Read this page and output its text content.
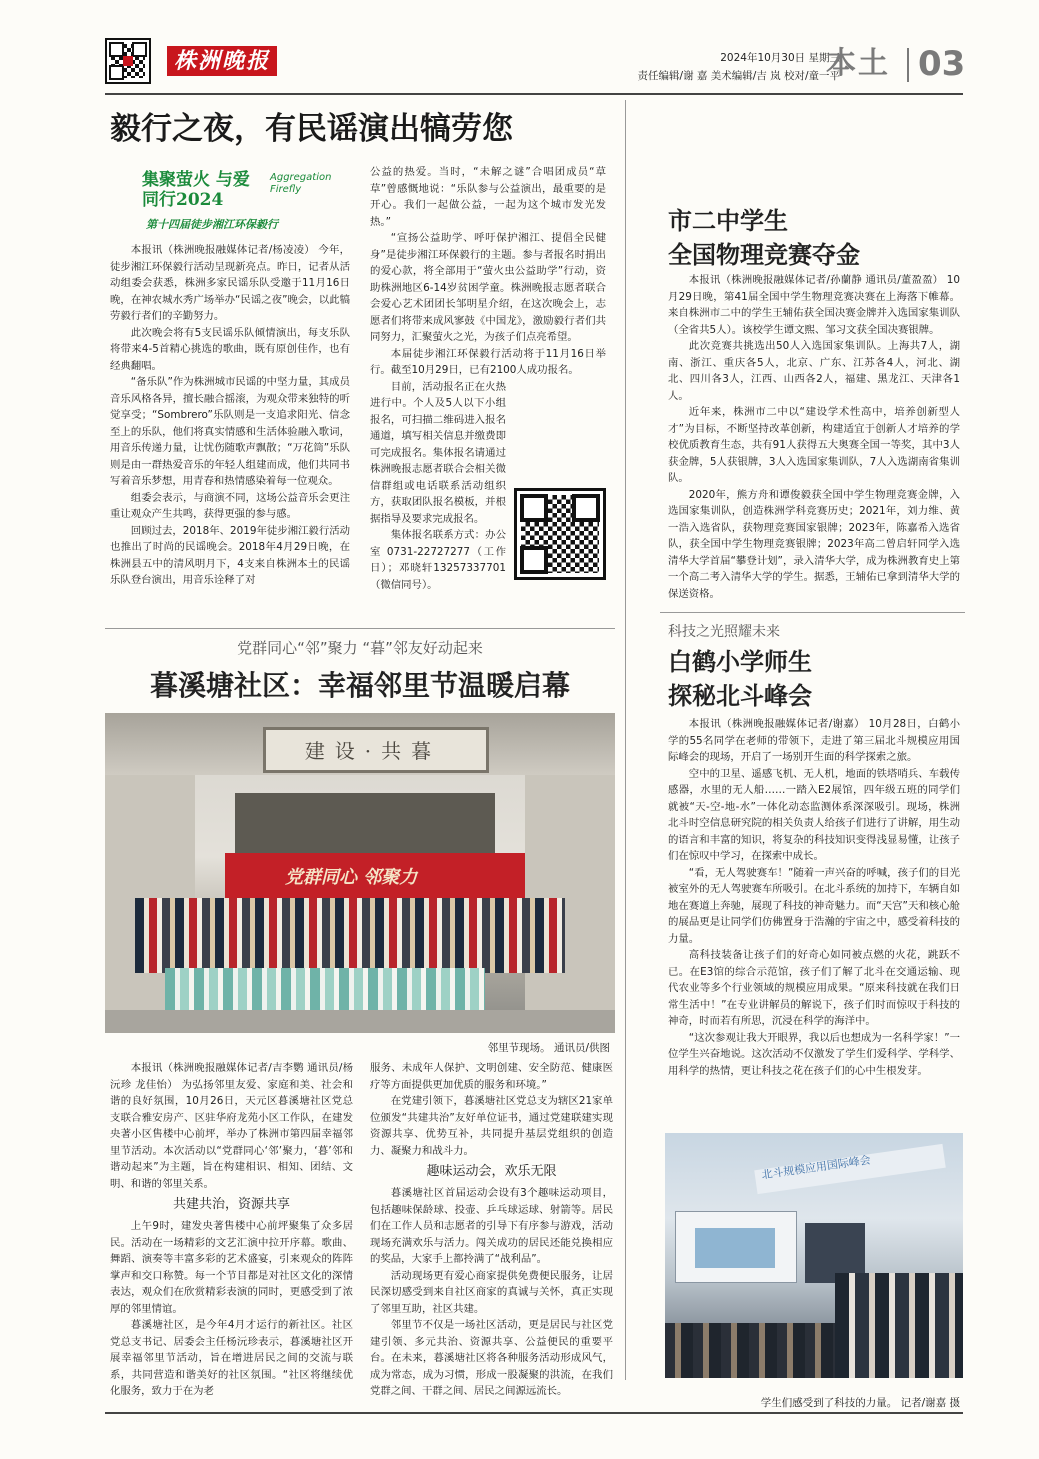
株洲晚报	2024年10月30日 星期三
责任编辑/谢 嘉 美术编辑/吉 岚 校对/童一平
本土 03
毅行之夜，有民谣演出犒劳您
集聚萤火 与爱同行2024
Aggregation
Firefly
第十四届徒步湘江环保毅行

本报讯（株洲晚报融媒体记者/杨凌凌） 今年，徒步湘江环保毅行活动呈现新亮点。昨日，记者从活动组委会获悉，株洲多家民谣乐队受邀于11月16日晚，在神农城水秀广场举办“民谣之夜”晚会，以此犒劳毅行者们的辛勤努力。

此次晚会将有5支民谣乐队倾情演出，每支乐队将带来4-5首精心挑选的歌曲，既有原创佳作，也有经典翻唱。

“备乐队”作为株洲城市民谣的中坚力量，其成员音乐风格各异，擅长融合摇滚，为观众带来独特的听觉享受；“Sombrero”乐队则是一支追求阳光、信念至上的乐队，他们将真实情感和生活体验融入歌词，用音乐传递力量，让忧伤随歌声飘散；“万花筒”乐队则是由一群热爱音乐的年轻人组建而成，他们共同书写着音乐梦想，用青春和热情感染着每一位观众。

组委会表示，与商演不同，这场公益音乐会更注重让观众产生共鸣，获得更强的参与感。

回顾过去，2018年、2019年徒步湘江毅行活动也推出了时尚的民谣晚会。2018年4月29日晚，在株洲县五中的清风明月下，4支来自株洲本土的民谣乐队登台演出，用音乐诠释了对

公益的热爱。当时，“未解之谜”合唱团成员“草草”曾感慨地说：“乐队参与公益演出，最重要的是开心。我们一起做公益，一起为这个城市发光发热。”

“宣扬公益助学、呼吁保护湘江、提倡全民健身”是徒步湘江环保毅行的主题。参与者报名时捐出的爱心款，将全部用于“萤火虫公益助学”行动，资助株洲地区6-14岁贫困学童。株洲晚报志愿者联合会爱心艺术团团长邹明星介绍，在这次晚会上，志愿者们将带来成风寥鼓《中国龙》，激励毅行者们共同努力，汇聚萤火之光，为孩子们点亮希望。

本届徒步湘江环保毅行活动将于11月16日举行。截至10月29日，已有2100人成功报名。

目前，活动报名正在火热进行中。个人及5人以下小组报名，可扫描二维码进入报名通道，填写相关信息并缴费即可完成报名。集体报名请通过株洲晚报志愿者联合会相关微信群组或电话联系活动组织方，获取团队报名模板，并根据指导及要求完成报名。

集体报名联系方式：办公室 0731-22727277（工作日）；邓晓轩13257337701（微信同号）。

市二中学生
全国物理竞赛夺金

本报讯（株洲晚报融媒体记者/孙蘭静 通讯员/董盈盈） 10月29日晚，第41届全国中学生物理竞赛决赛在上海落下帷幕。来自株洲市二中的学生王辅佑获全国决赛金牌并入选国家集训队（全省共5人）。该校学生谭文熙、邹习文获全国决赛银牌。

此次竞赛共挑选出50人入选国家集训队。上海共7人，湖南、浙江、重庆各5人，北京、广东、江苏各4人，河北、湖北、四川各3人，江西、山西各2人，福建、黑龙江、天津各1人。

近年来，株洲市二中以“建设学术性高中，培养创新型人才”为目标，不断坚持改革创新，构建适宜于创新人才培养的学校优质教育生态，共有91人获得五大奥赛全国一等奖，其中3人获金牌，5人获银牌，3人入选国家集训队，7人入选湖南省集训队。

2020年，熊方舟和谭俊毅获全国中学生物理竞赛金牌，入选国家集训队，创造株洲学科竞赛历史；2021年，刘力维、黄一浩入选省队，获物理竞赛国家银牌；2023年，陈嘉希入选省队，获全国中学生物理竞赛银牌；2023年高二曾启轩同学入选清华大学首届“攀登计划”，录入清华大学，成为株洲教育史上第一个高二考入清华大学的学生。据悉，王辅佑已拿到清华大学的保送资格。

科技之光照耀未来
白鹤小学师生
探秘北斗峰会

本报讯（株洲晚报融媒体记者/谢嘉） 10月28日，白鹤小学的55名同学在老师的带领下，走进了第三届北斗规模应用国际峰会的现场，开启了一场别开生面的科学探索之旅。

空中的卫星、遥感飞机、无人机，地面的铁塔哨兵、车载传感器，水里的无人船……一踏入E2展馆，四年级五班的同学们就被“天-空-地-水”一体化动态监测体系深深吸引。现场，株洲北斗时空信息研究院的相关负责人给孩子们进行了讲解，用生动的语言和丰富的知识，将复杂的科技知识变得浅显易懂，让孩子们在惊叹中学习，在探索中成长。

“看，无人驾驶赛车！”随着一声兴奋的呼喊，孩子们的目光被室外的无人驾驶赛车所吸引。在北斗系统的加持下，车辆自如地在赛道上奔驰，展现了科技的神奇魅力。而“天宫”天和核心舱的展品更是让同学们仿佛置身于浩瀚的宇宙之中，感受着科技的力量。

高科技装备让孩子们的好奇心如同被点燃的火花，跳跃不已。在E3馆的综合示范馆，孩子们了解了北斗在交通运输、现代农业等多个行业领域的规模应用成果。“原来科技就在我们日常生活中！”在专业讲解员的解说下，孩子们时而惊叹于科技的神奇，时而若有所思，沉浸在科学的海洋中。

“这次参观让我大开眼界，我以后也想成为一名科学家！”一位学生兴奋地说。这次活动不仅激发了学生们爱科学、学科学、用科学的热情，更让科技之花在孩子们的心中生根发芽。

北斗规模应用国际峰会
学生们感受到了科技的力量。 记者/谢嘉 摄
党群同心“邻”聚力 “暮”邻友好动起来
暮溪塘社区：幸福邻里节温暖启幕
建设·共暮
党群同心 邻聚力
邻里节现场。 通讯员/供图

本报讯（株洲晚报融媒体记者/吉李鹦 通讯员/杨沅珍 龙佳怡） 为弘扬邻里友爱、家庭和美、社会和谐的良好氛围，10月26日，天元区暮溪塘社区党总支联合雅安房产、区驻华府龙苑小区工作队，在建发央著小区售楼中心前坪，举办了株洲市第四届幸福邻里节活动。本次活动以“党群同心‘邻’聚力，‘暮’邻和谐动起来”为主题，旨在构建相识、相知、团结、文明、和谐的邻里关系。

共建共治，资源共享

上午9时，建发央著售楼中心前坪聚集了众多居民。活动在一场精彩的文艺汇演中拉开序幕。歌曲、舞蹈、演奏等丰富多彩的艺术盛宴，引来观众的阵阵掌声和交口称赞。每一个节目都是对社区文化的深情表达，观众们在欣赏精彩表演的同时，更感受到了浓厚的邻里情谊。

暮溪塘社区，是今年4月才运行的新社区。社区党总支书记、居委会主任杨沅珍表示，暮溪塘社区开展幸福邻里节活动，旨在增进居民之间的交流与联系，共同营造和谐美好的社区氛围。“社区将继续优化服务，致力于在为老

服务、未成年人保护、文明创建、安全防范、健康医疗等方面提供更加优质的服务和环境。”

在党建引领下，暮溪塘社区党总支为辖区21家单位颁发“共建共治”友好单位证书，通过党建联建实现资源共享、优势互补，共同提升基层党组织的创造力、凝聚力和战斗力。

趣味运动会，欢乐无限

暮溪塘社区首届运动会设有3个趣味运动项目，包括趣味保龄球、投壶、乒乓球运球、射箭等。居民们在工作人员和志愿者的引导下有序参与游戏，活动现场充满欢乐与活力。闯关成功的居民还能兑换相应的奖品，大家手上都拎满了“战利品”。

活动现场更有爱心商家提供免费便民服务，让居民深切感受到来自社区商家的真诚与关怀，真正实现了邻里互助，社区共建。

邻里节不仅是一场社区活动，更是居民与社区党建引领、多元共治、资源共享、公益便民的重要平台。在未来，暮溪塘社区将各种服务活动形成风气，成为常态，成为习惯，形成一股凝聚的洪流，在我们党群之间、干群之间、居民之间源远流长。
